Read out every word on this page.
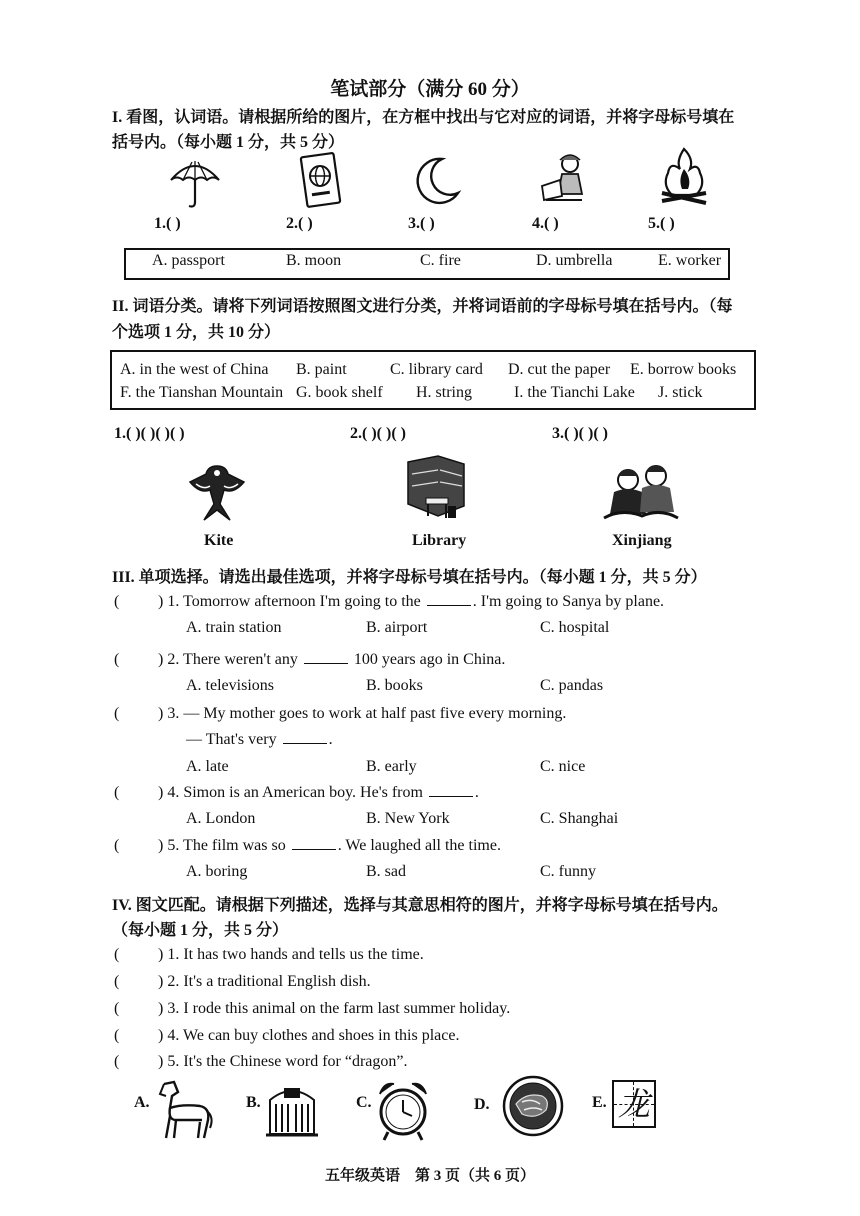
笔试部分（满分 60 分）
I. 看图，认词语。请根据所给的图片，在方框中找出与它对应的词语，并将字母标号填在
括号内。（每小题 1 分，共 5 分）
1.( )	2.( )	3.( )	4.( )	5.( )
A. passport	B. moon	C. fire	D. umbrella	E. worker
II. 词语分类。请将下列词语按照图文进行分类，并将词语前的字母标号填在括号内。（每
个选项 1 分，共 10 分）
A. in the west of China B. paint	C. library card D. cut the paper E. borrow books
F. the Tianshan Mountain G. book shelf H. string	I. the Tianchi Lake J. stick
1.( )( )( )( )	2.( )( )( )	3.( )( )( )
Kite	Library	Xinjiang
III. 单项选择。请选出最佳选项，并将字母标号填在括号内。（每小题 1 分，共 5 分）
( ) 1. Tomorrow afternoon I'm going to the	. I'm going to Sanya by plane.
A. train station	B. airport	C. hospital
( ) 2. There weren't any	100 years ago in China.
A. televisions	B. books	C. pandas
( ) 3. — My mother goes to work at half past five every morning.
— That's very	.
A. late	B. early	C. nice
( ) 4. Simon is an American boy. He's from	.
A. London	B. New York	C. Shanghai
( ) 5. The film was so	. We laughed all the time.
A. boring	B. sad	C. funny
IV. 图文匹配。请根据下列描述，选择与其意思相符的图片，并将字母标号填在括号内。
（每小题 1 分，共 5 分）
( ) 1. It has two hands and tells us the time.
( ) 2. It's a traditional English dish.
( ) 3. I rode this animal on the farm last summer holiday.
( ) 4. We can buy clothes and shoes in this place.
( ) 5. It's the Chinese word for “dragon”.
A.	B.	C.	D.	E. 龙
五年级英语　第 3 页（共 6 页）
